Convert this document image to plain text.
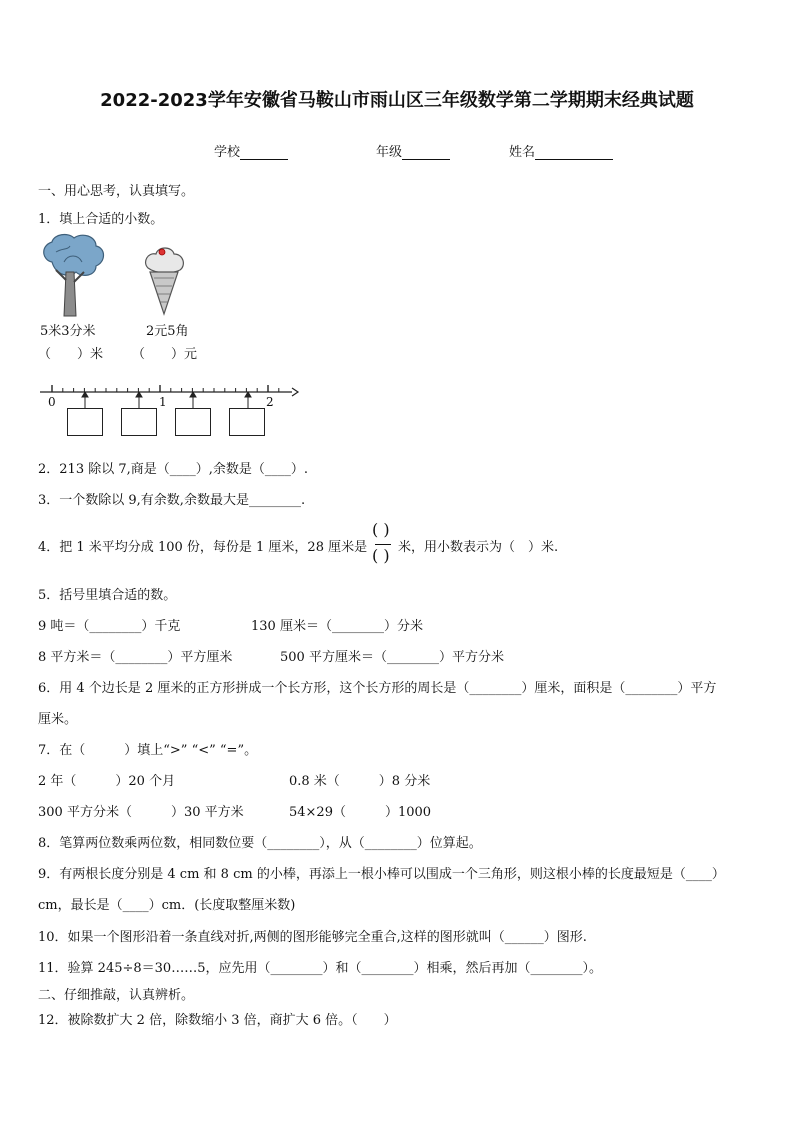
2022-2023学年安徽省马鞍山市雨山区三年级数学第二学期期末经典试题
学校	年级	姓名
一、用心思考，认真填写。
1．填上合适的小数。
5米3分米	2元5角
（　　）米 （　　）元
0	1	2
2．213 除以 7,商是（____）,余数是（____）.
3．一个数除以 9,有余数,余数最大是________.
4．把 1 米平均分成 100 份，每份是 1 厘米，28 厘米是
( )
( ) 米，用小数表示为（　）米.
5．括号里填合适的数。
9 吨＝（________）千克	130 厘米＝（________）分米
8 平方米＝（________）平方厘米	500 平方厘米＝（________）平方分米
6．用 4 个边长是 2 厘米的正方形拼成一个长方形，这个长方形的周长是（________）厘米，面积是（________）平方
厘米。
7．在（　　　）填上“>” “<” “=”。
2 年（　　　）20 个月	0.8 米（　　　）8 分米
300 平方分米（　　　）30 平方米	54×29（　　　）1000
8．笔算两位数乘两位数，相同数位要（________），从（________）位算起。
9．有两根长度分别是 4 cm 和 8 cm 的小棒，再添上一根小棒可以围成一个三角形，则这根小棒的长度最短是（____）
cm，最长是（____）cm．(长度取整厘米数)
10．如果一个图形沿着一条直线对折,两侧的图形能够完全重合,这样的图形就叫（______）图形.
11．验算 245÷8＝30……5，应先用（________）和（________）相乘，然后再加（________）。
二、仔细推敲，认真辨析。
12．被除数扩大 2 倍，除数缩小 3 倍，商扩大 6 倍。（　　）
